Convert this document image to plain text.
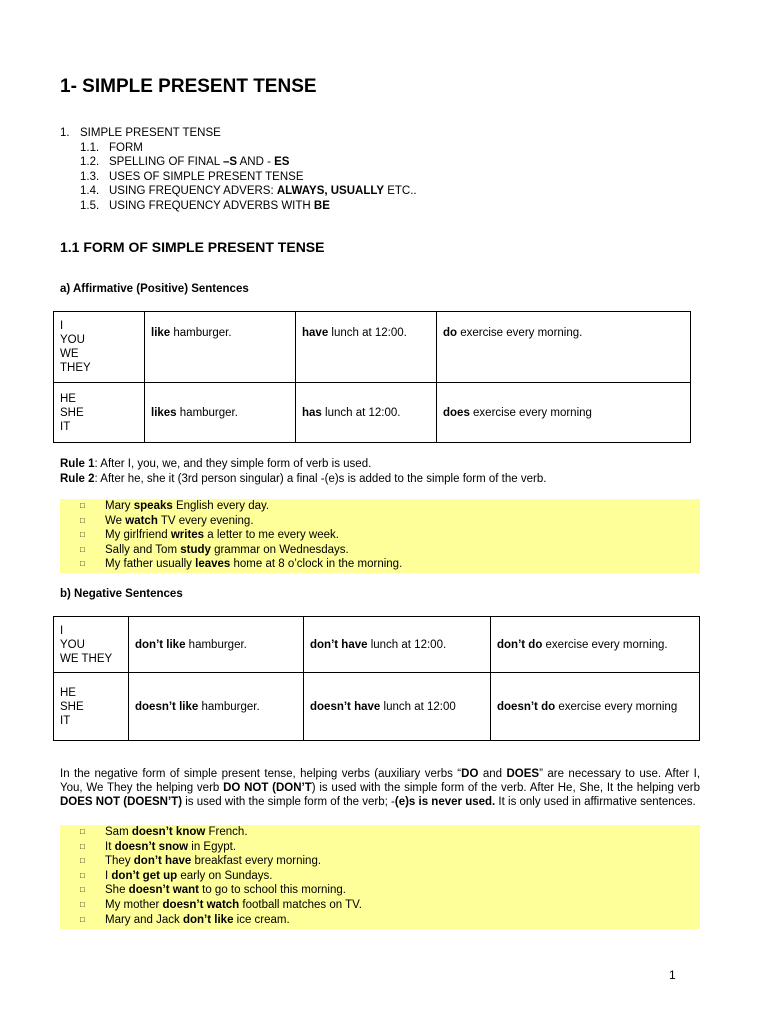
1- SIMPLE PRESENT TENSE
1. SIMPLE PRESENT TENSE
1.1. FORM
1.2. SPELLING OF FINAL –S AND - ES
1.3. USES OF SIMPLE PRESENT TENSE
1.4. USING FREQUENCY ADVERS: ALWAYS, USUALLY ETC..
1.5. USING FREQUENCY ADVERBS WITH BE
1.1 FORM OF SIMPLE PRESENT TENSE
a) Affirmative (Positive) Sentences
I
YOU
WE
THEY	like hamburger.	have lunch at 12:00.	do exercise every morning.

HE
SHE
IT	likes hamburger.	has lunch at 12:00.	does exercise every morning
Rule 1: After I, you, we, and they simple form of verb is used.
Rule 2: After he, she it (3rd person singular) a final -(e)s is added to the simple form of the verb.
□ Mary speaks English every day.
□ We watch TV every evening.
□ My girlfriend writes a letter to me every week.
□ Sally and Tom study grammar on Wednesdays.
□ My father usually leaves home at 8 o’clock in the morning.
b) Negative Sentences
I
YOU
WE THEY	don’t like hamburger.	don’t have lunch at 12:00.	don’t do exercise every morning.

HE
SHE
IT	doesn’t like hamburger.	doesn’t have lunch at 12:00	doesn’t do exercise every morning

In the negative form of simple present tense, helping verbs (auxiliary verbs “DO and DOES” are necessary to use. After I, You, We They the helping verb DO NOT (DON’T) is used with the simple form of the verb. After He, She, It the helping verb DOES NOT (DOESN’T) is used with the simple form of the verb; -(e)s is never used. It is only used in affirmative sentences.

□ Sam doesn’t know French.
□ It doesn’t snow in Egypt.
□ They don’t have breakfast every morning.
□ I don’t get up early on Sundays.
□ She doesn’t want to go to school this morning.
□ My mother doesn’t watch football matches on TV.
□ Mary and Jack don’t like ice cream.
1
